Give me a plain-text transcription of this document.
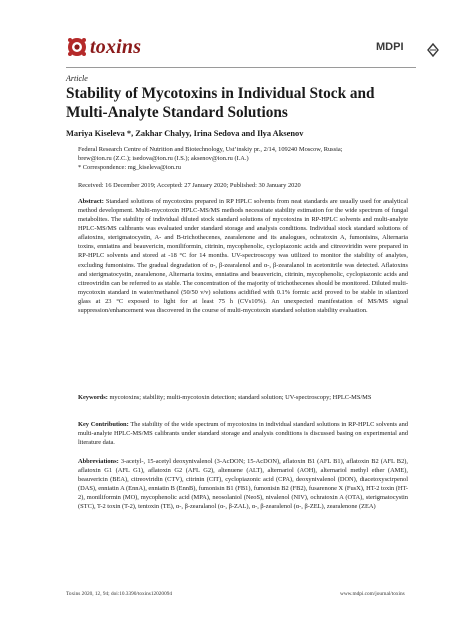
toxins	MDPI
Article
Stability of Mycotoxins in Individual Stock and Multi-Analyte Standard Solutions
Mariya Kiseleva *, Zakhar Chalyy, Irina Sedova and Ilya Aksenov
Federal Research Centre of Nutrition and Biotechnology, Ust’inskiy pr., 2/14, 109240 Moscow, Russia;
brew@ion.ru (Z.C.); isedova@ion.ru (I.S.); aksenov@ion.ru (I.A.)
* Correspondence: mg_kiseleva@ion.ru
Received: 16 December 2019; Accepted: 27 January 2020; Published: 30 January 2020

Abstract: Standard solutions of mycotoxins prepared in RP HPLC solvents from neat standards are usually used for analytical method development. Multi-mycotoxin HPLC-MS/MS methods necessitate stability estimation for the wide spectrum of fungal metabolites. The stability of individual diluted stock standard solutions of mycotoxins in RP-HPLC solvents and multi-analyte HPLC-MS/MS calibrants was evaluated under standard storage and analysis conditions. Individual stock standard solutions of aflatoxins, sterigmatocystin, A- and B-trichothecenes, zearalenone and its analogues, ochratoxin A, fumonisins, Alternaria toxins, enniatins and beauvericin, moniliformin, citrinin, mycophenolic, cyclopiazonic acids and citreoviridin were prepared in RP-HPLC solvents and stored at -18 °C for 14 months. UV-spectroscopy was utilized to monitor the stability of analytes, excluding fumonisins. The gradual degradation of α-, β-zearalenol and α-, β-zearalanol in acetonitrile was detected. Aflatoxins and sterigmatocystin, zearalenone, Alternaria toxins, enniatins and beauvericin, citrinin, mycophenolic, cyclopiazonic acids and citreoviridin can be referred to as stable. The concentration of the majority of trichothecenes should be monitored. Diluted multi-mycotoxin standard in water/methanol (50/50 v/v) solutions acidified with 0.1% formic acid proved to be stable in silanized glass at 23 °C exposed to light for at least 75 h (CVs10%). An unexpected manifestation of MS/MS signal suppression/enhancement was discovered in the course of multi-mycotoxin standard solution stability evaluation.

Keywords: mycotoxins; stability; multi-mycotoxin detection; standard solution; UV-spectroscopy; HPLC-MS/MS

Key Contribution: The stability of the wide spectrum of mycotoxins in individual standard solutions in RP-HPLC solvents and multi-analyte HPLC-MS/MS calibrants under standard storage and analysis conditions is discussed basing on experimental and literature data.

Abbreviations: 3-acetyl-, 15-acetyl deoxynivalenol (3-AcDON; 15-AcDON), aflatoxin B1 (AFL B1), aflatoxin B2 (AFL B2), aflatoxin G1 (AFL G1), aflatoxin G2 (AFL G2), altenuene (ALT), alternariol (AOH), alternariol methyl ether (AME), beauvericin (BEA), citreoviridin (CTV), citrinin (CIT), cyclopiazonic acid (CPA), deoxynivalenol (DON), diacetoxyscirpenol (DAS), enniatin A (EnnA), enniatin B (EnnB), fumonisin B1 (FB1), fumonisin B2 (FB2), fusarenone X (FusX), HT-2 toxin (HT-2), moniliformin (MO), mycophenolic acid (MPA), neosolaniol (NeoS), nivalenol (NIV), ochratoxin A (OTA), sterigmatocystin (STC), T-2 toxin (T-2), tentoxin (TE), α-, β-zearalanol (α-, β-ZAL), α-, β-zearalenol (α-, β-ZEL), zearalenone (ZEA)

Toxins 2020, 12, 94; doi:10.3390/toxins12020094	www.mdpi.com/journal/toxins
